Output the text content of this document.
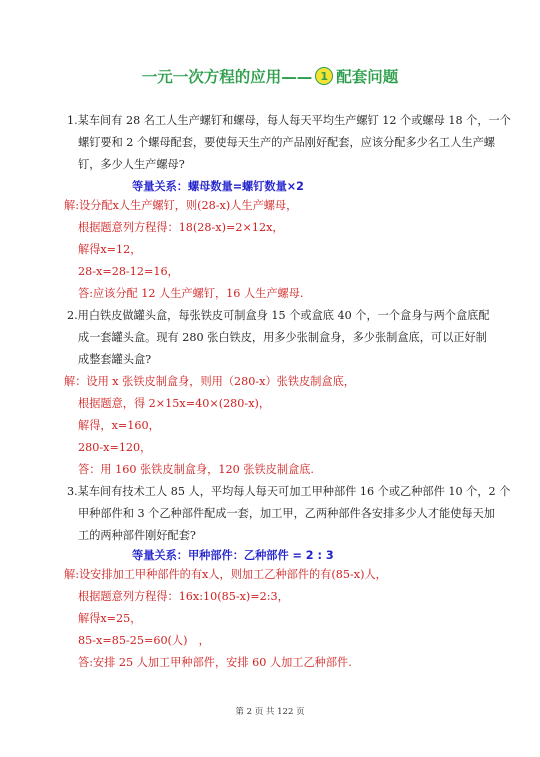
一元一次方程的应用—— 1 配套问题
1.某车间有 28 名工人生产螺钉和螺母，每人每天平均生产螺钉 12 个或螺母 18 个，一个
螺钉要和 2 个螺母配套，要使每天生产的产品刚好配套，应该分配多少名工人生产螺
钉，多少人生产螺母?
等量关系：螺母数量=螺钉数量×2
解:设分配x人生产螺钉，则(28-x)人生产螺母，
根据题意列方程得：18(28-x)=2×12x，
解得x=12，
28-x=28-12=16，
答:应该分配 12 人生产螺钉，16 人生产螺母.
2.用白铁皮做罐头盒，每张铁皮可制盒身 15 个或盒底 40 个，一个盒身与两个盒底配
成一套罐头盒。现有 280 张白铁皮，用多少张制盒身，多少张制盒底，可以正好制
成整套罐头盒?
解：设用 x 张铁皮制盒身，则用（280-x）张铁皮制盒底，
根据题意，得 2×15x=40×(280-x)，
解得，x=160，
280-x=120，
答：用 160 张铁皮制盒身，120 张铁皮制盒底.
3.某车间有技术工人 85 人，平均每人每天可加工甲种部件 16 个或乙种部件 10 个，2 个
甲种部件和 3 个乙种部件配成一套，加工甲，乙两种部件各安排多少人才能使每天加
工的两种部件刚好配套?
等量关系：甲种部件：乙种部件 = 2 : 3
解:设安排加工甲种部件的有x人，则加工乙种部件的有(85-x)人，
根据题意列方程得：16x:10(85-x)=2:3，
解得x=25，
85-x=85-25=60(人)　，
答:安排 25 人加工甲种部件，安排 60 人加工乙种部件.
第 2 页 共 122 页
